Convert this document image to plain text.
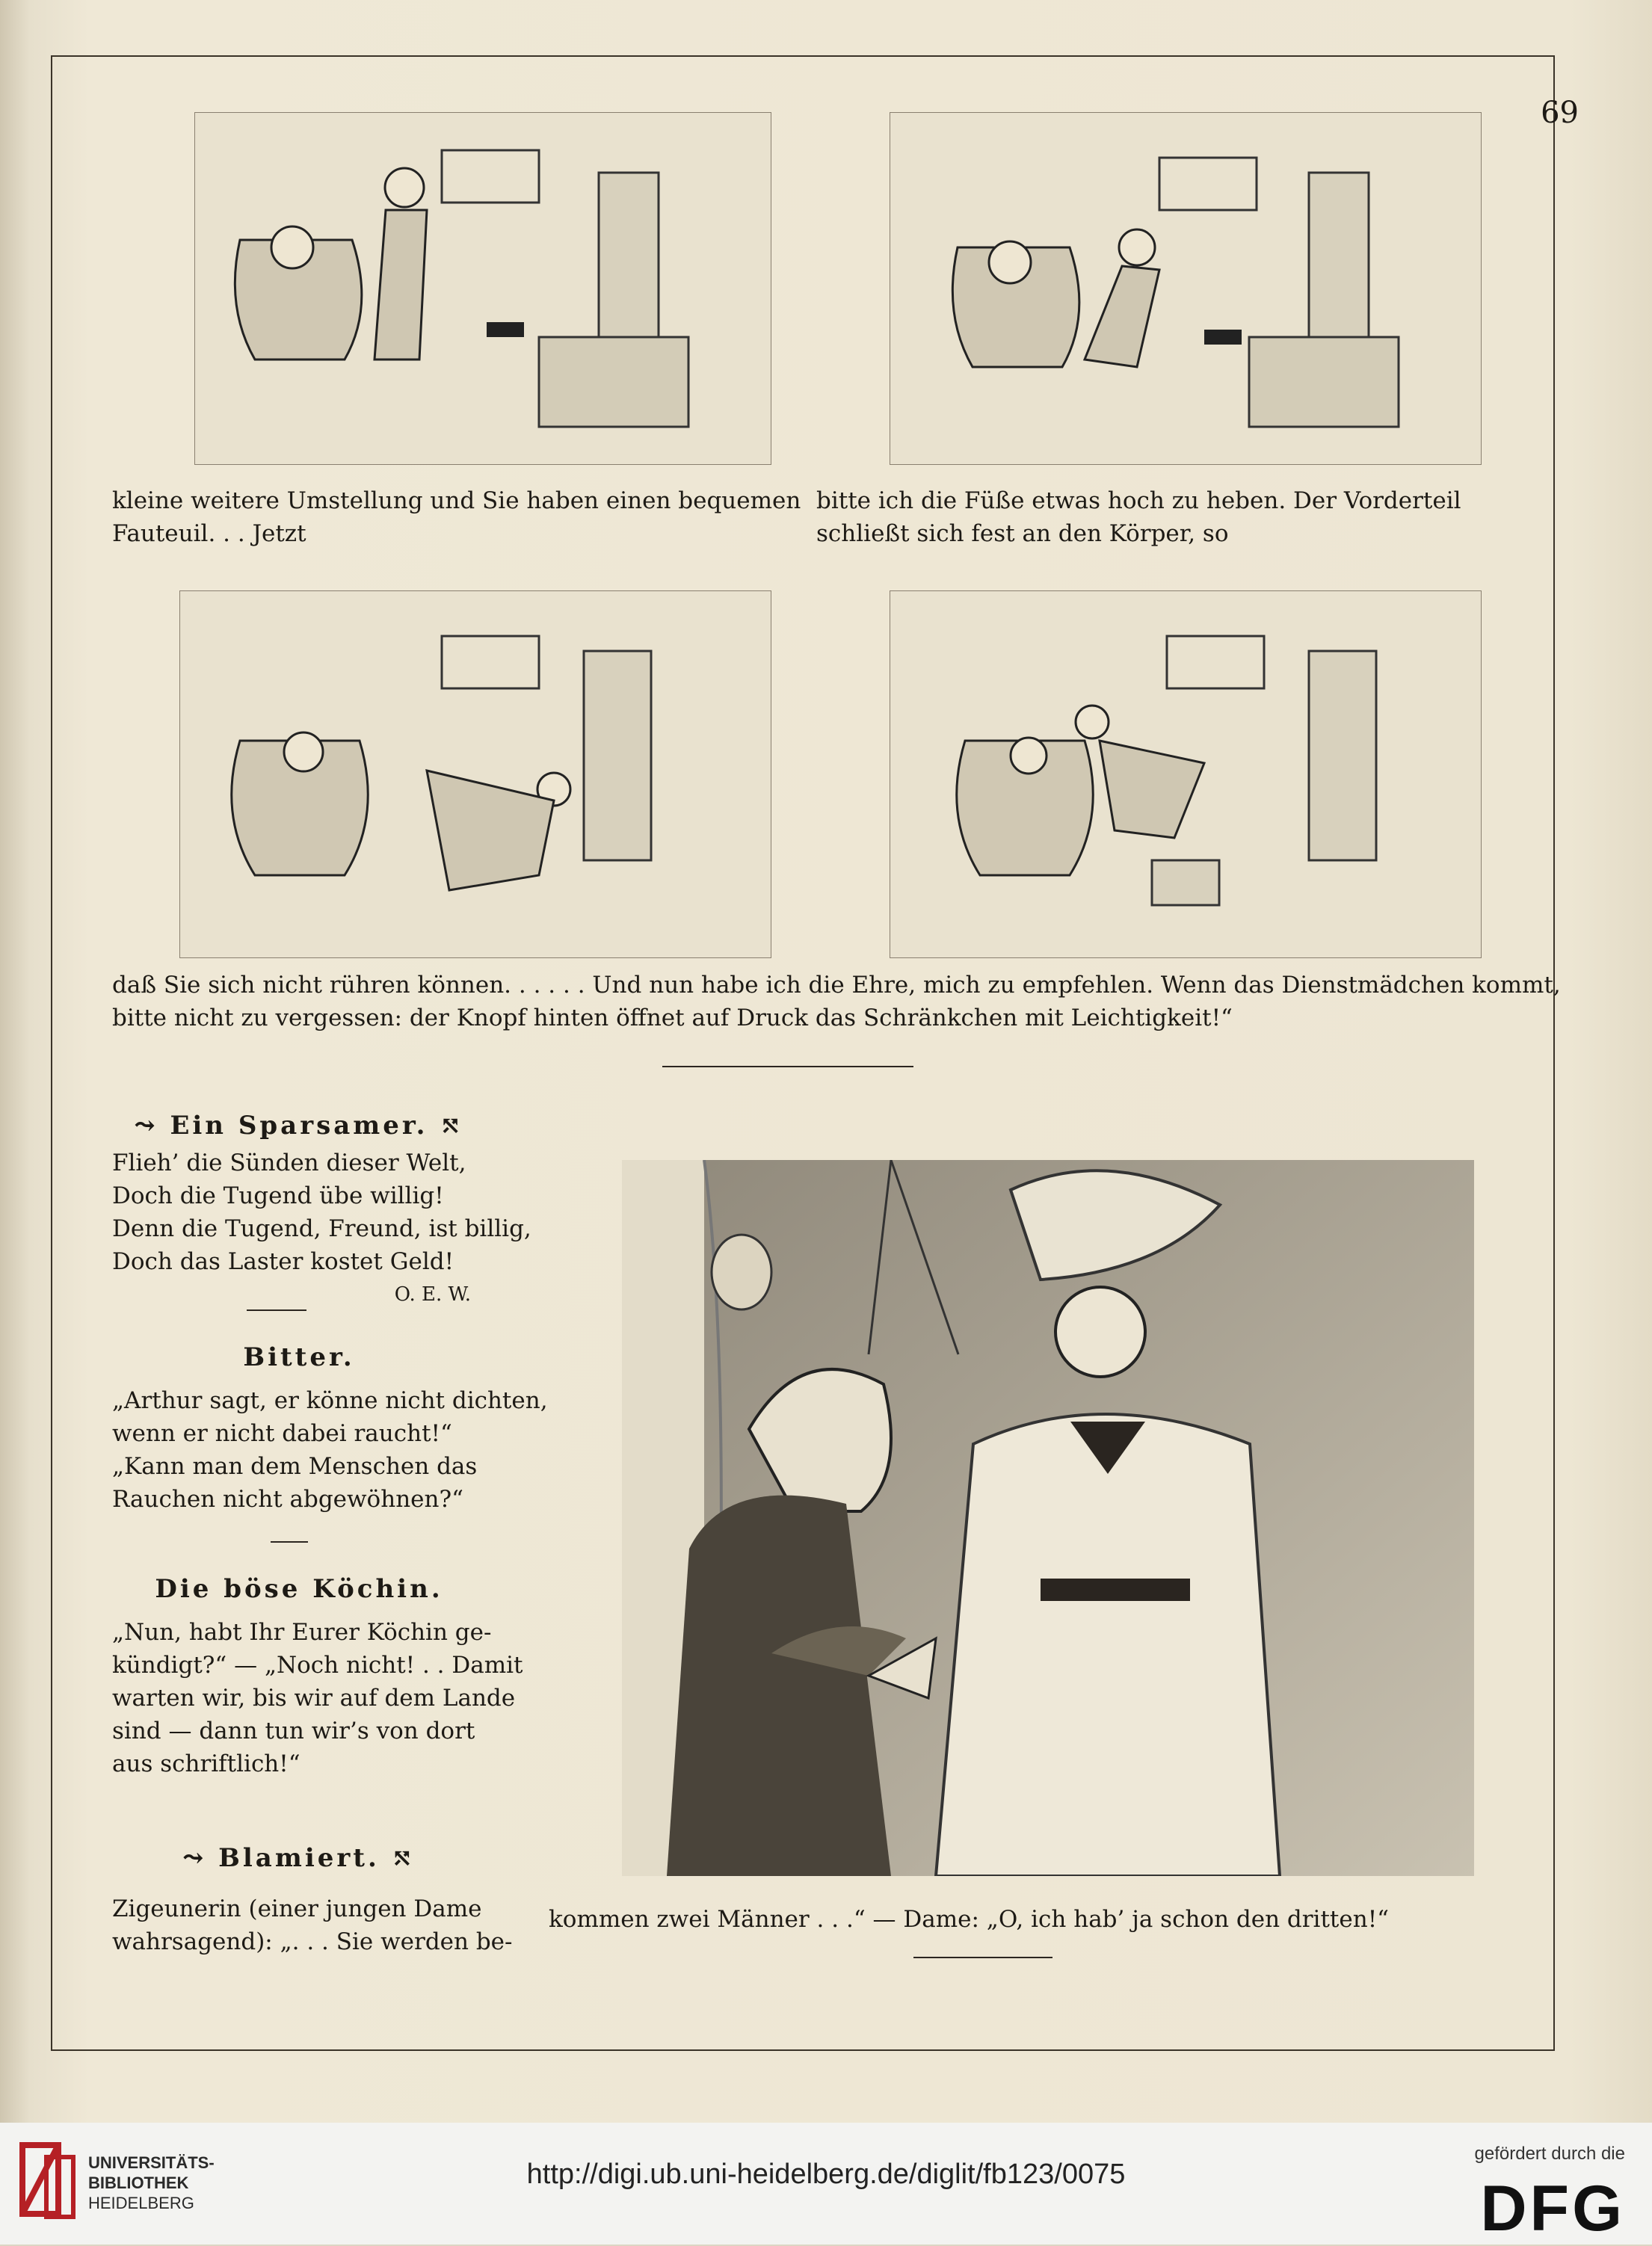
69
kleine weitere Umstellung und Sie haben einen bequemen
Fauteuil. . . Jetzt
bitte ich die Füße etwas hoch zu heben. Der Vorderteil
schließt sich fest an den Körper, so
daß Sie sich nicht rühren können. . . . . . Und nun habe ich die Ehre, mich zu empfehlen. Wenn das Dienstmädchen kommt,
bitte nicht zu vergessen: der Knopf hinten öffnet auf Druck das Schränkchen mit Leichtigkeit!“
⤳ Ein Sparsamer. ⤲
Flieh’ die Sünden dieser Welt,
Doch die Tugend übe willig!
Denn die Tugend, Freund, ist billig,
Doch das Laster kostet Geld!
O. E. W.
Bitter.
„Arthur sagt, er könne nicht dichten,
wenn er nicht dabei raucht!“
„Kann man dem Menschen das
Rauchen nicht abgewöhnen?“
Die böse Köchin.
„Nun, habt Ihr Eurer Köchin ge-
kündigt?“ — „Noch nicht! . . Damit
warten wir, bis wir auf dem Lande
sind — dann tun wir’s von dort
aus schriftlich!“
⤳ Blamiert. ⤲
Zigeunerin (einer jungen Dame
wahrsagend): „. . . Sie werden be-
kommen zwei Männer . . .“ — Dame: „O, ich hab’ ja schon den dritten!“
UNIVERSITÄTS-
BIBLIOTHEK
HEIDELBERG
http://digi.ub.uni-heidelberg.de/diglit/fb123/0075
gefördert durch die
DFG
